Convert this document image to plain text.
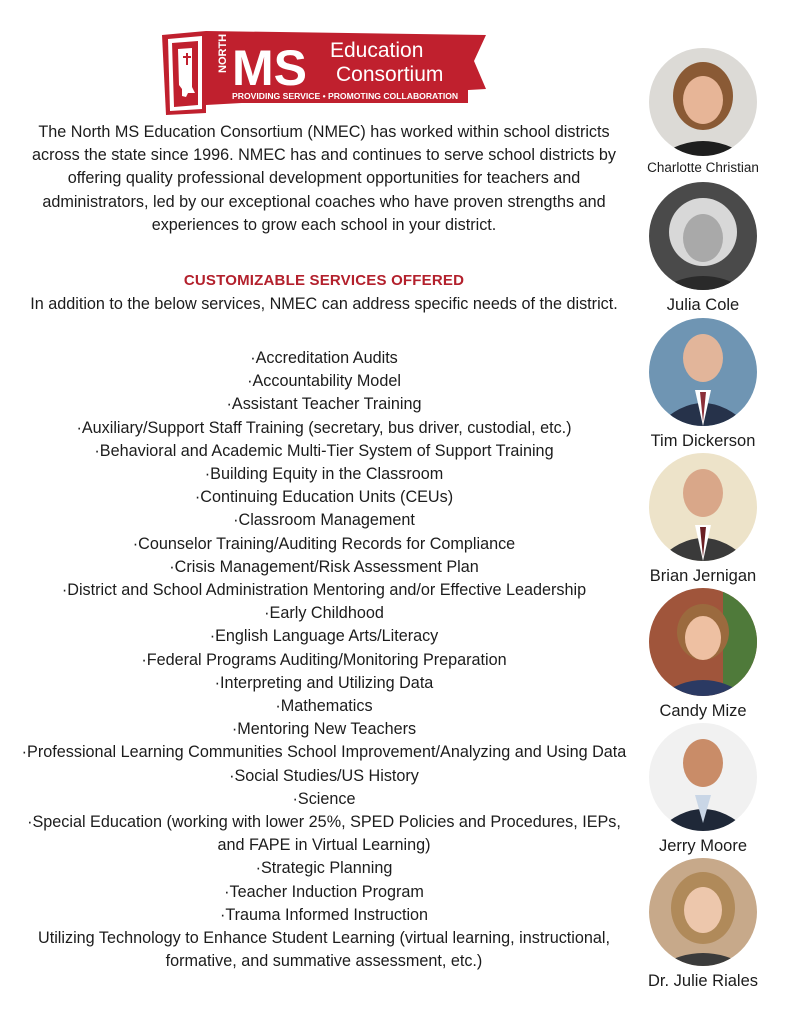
NORTH MS Education
Consortium
PROVIDING SERVICE • PROMOTING COLLABORATION

The North MS Education Consortium (NMEC) has worked within school districts across the state since 1996. NMEC has and continues to serve school districts by offering quality professional development opportunities for teachers and administrators, led by our exceptional coaches who have proven strengths and experiences to grow each school in your district.

CUSTOMIZABLE SERVICES OFFERED

In addition to the below services, NMEC can address specific needs of the district.

·Accreditation Audits
·Accountability Model
·Assistant Teacher Training
·Auxiliary/Support Staff Training (secretary, bus driver, custodial, etc.)
·Behavioral and Academic Multi-Tier System of Support Training
·Building Equity in the Classroom
·Continuing Education Units (CEUs)
·Classroom Management
·Counselor Training/Auditing Records for Compliance
·Crisis Management/Risk Assessment Plan
·District and School Administration Mentoring and/or Effective Leadership
·Early Childhood
·English Language Arts/Literacy
·Federal Programs Auditing/Monitoring Preparation
·Interpreting and Utilizing Data
·Mathematics
·Mentoring New Teachers
·Professional Learning Communities School Improvement/Analyzing and Using Data
·Social Studies/US History
·Science
·Special Education (working with lower 25%, SPED Policies and Procedures, IEPs, and FAPE in Virtual Learning)
·Strategic Planning
·Teacher Induction Program
·Trauma Informed Instruction
Utilizing Technology to Enhance Student Learning (virtual learning, instructional, formative, and summative assessment, etc.)
Charlotte Christian
Julia Cole
Tim Dickerson
Brian Jernigan
Candy Mize
Jerry Moore
Dr. Julie Riales
